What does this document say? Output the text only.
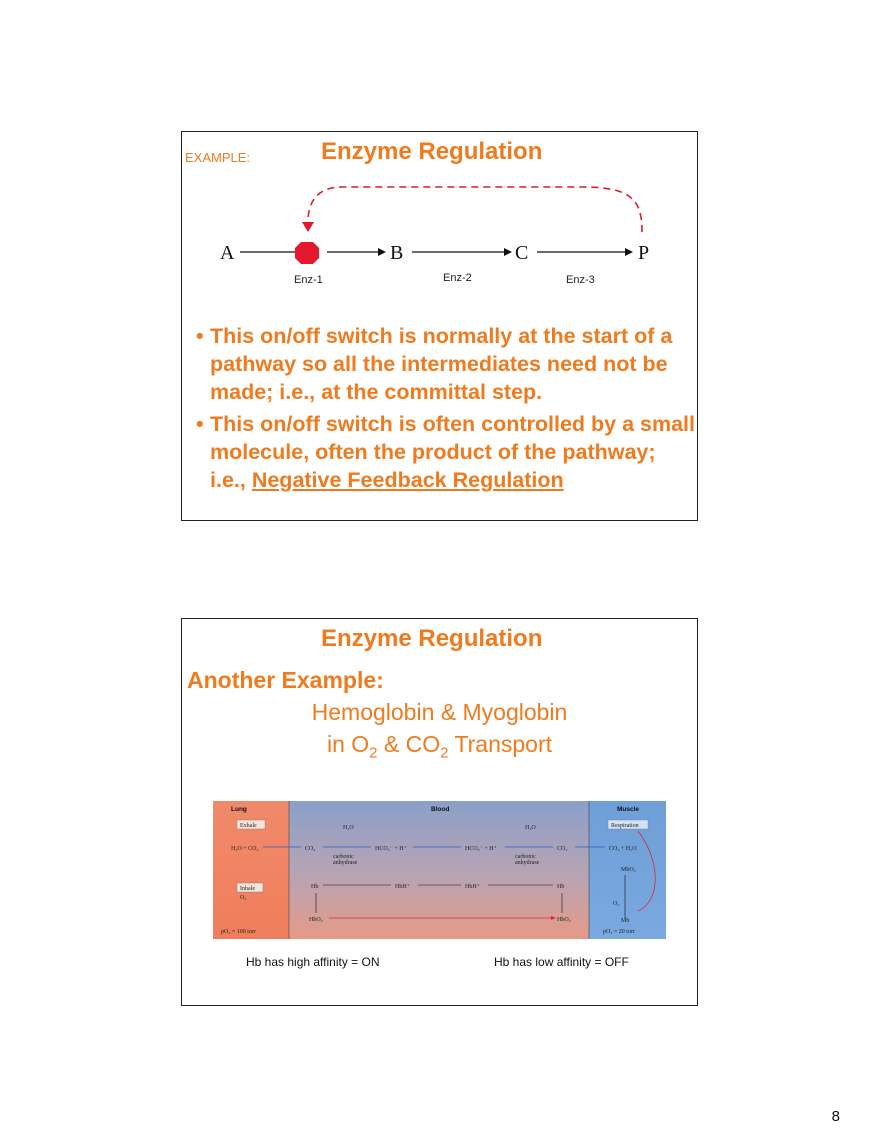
EXAMPLE:	Enzyme Regulation
A	B	C	P
Enz-1	Enz-2	Enz-3
• This on/off switch is normally at the start of a pathway so all the intermediates need not be made; i.e., at the committal step.
• This on/off switch is often controlled by a small molecule, often the product of the pathway; i.e., Negative Feedback Regulation
Enzyme Regulation
Another Example:
Hemoglobin & Myoglobin
in $O_2$ & $CO_2$ Transport
Lung	Blood	Muscle
Exhale	Respiration
Inhale
O₂
H₂O	H₂O
H₂O + CO₂	CO₂	HCO₃⁻ + H⁺	HCO₃⁻ + H⁺	CO₂	CO₂ + H₂O
carbonic
anhydrase
carbonic
anhydrase
MbO₂
Hb	HbH⁺	HbH⁺	Hb
O₂
HbO₂	HbO₂	Mb
pO₂ = 100 torr	pO₂ = 20 torr
Hb has high affinity = ON	Hb has low affinity = OFF
8
